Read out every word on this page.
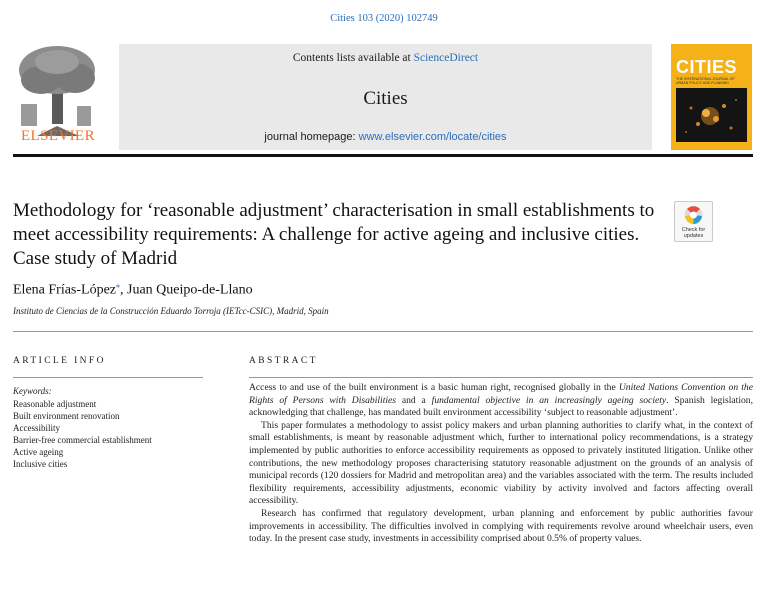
Cities 103 (2020) 102749
ELSEVIER
Contents lists available at ScienceDirect
Cities
journal homepage: www.elsevier.com/locate/cities
CITIES
THE INTERNATIONAL JOURNAL OF URBAN POLICY AND PLANNING
Methodology for ‘reasonable adjustment’ characterisation in small establishments to meet accessibility requirements: A challenge for active ageing and inclusive cities. Case study of Madrid
Check for updates
Elena Frías-López⁎, Juan Queipo-de-Llano
Instituto de Ciencias de la Construcción Eduardo Torroja (IETcc-CSIC), Madrid, Spain
ARTICLE INFO	ABSTRACT
Keywords:
Reasonable adjustment
Built environment renovation
Accessibility
Barrier-free commercial establishment
Active ageing
Inclusive cities

Access to and use of the built environment is a basic human right, recognised globally in the United Nations Convention on the Rights of Persons with Disabilities and a fundamental objective in an increasingly ageing society. Spanish legislation, acknowledging that challenge, has mandated built environment accessibility ‘subject to reasonable adjustment’.

This paper formulates a methodology to assist policy makers and urban planning authorities to clarify what, in the context of small establishments, is meant by reasonable adjustment which, further to international policy recommendations, is a strategy implemented by public authorities to enforce accessibility requirements as opposed to privately instituted litigation. Unlike other contributions, the new methodology proposes characterising statutory reasonable adjustment on the grounds of an analysis of municipal records (120 dossiers for Madrid and metropolitan area) and the variables associated with the term. The results included flexibility requirements, accessibility adjustments, economic viability by activity involved and factors affecting overall accessibility.

Research has confirmed that regulatory development, urban planning and enforcement by public authorities favour improvements in accessibility. The difficulties involved in complying with requirements revolve around wheelchair users, even today. In the present case study, investments in accessibility comprised about 0.5% of property values.
